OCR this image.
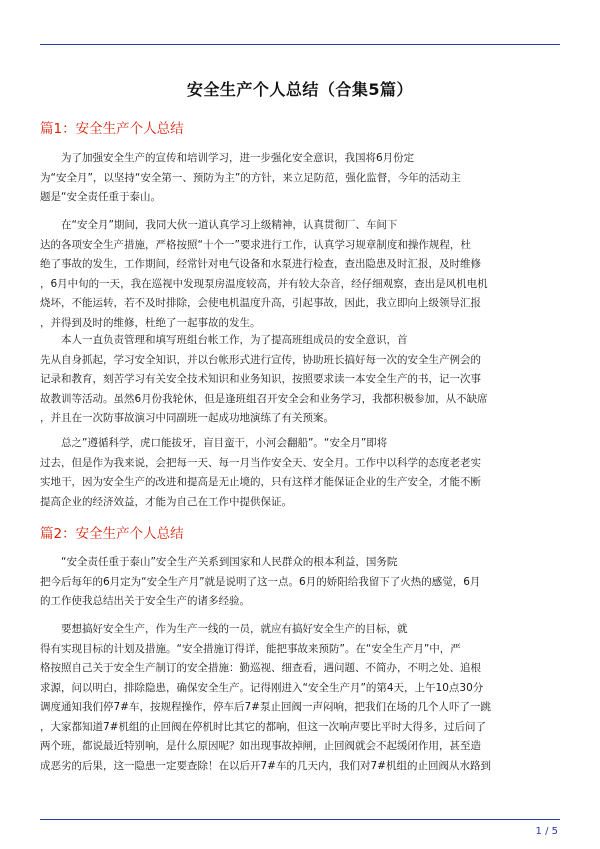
安全生产个人总结（合集5篇）
篇1：安全生产个人总结
为了加强安全生产的宣传和培训学习，进一步强化安全意识，我国将6月份定
为“安全月”，以坚持“安全第一、预防为主”的方针，来立足防范，强化监督，今年的活动主
题是“安全责任重于泰山。
在“安全月”期间，我同大伙一道认真学习上级精神，认真贯彻厂、车间下
达的各项安全生产措施，严格按照“十个一”要求进行工作，认真学习规章制度和操作规程，杜
绝了事故的发生，工作期间，经常针对电气设备和水泵进行检查，查出隐患及时汇报，及时维修
，6月中旬的一天，我在巡视中发现泵房温度较高，并有较大杂音，经仔细观察，查出是风机电机
烧坏，不能运转，若不及时排除，会使电机温度升高，引起事故，因此，我立即向上级领导汇报
，并得到及时的维修，杜绝了一起事故的发生。
本人一直负责管理和填写班组台帐工作，为了提高班组成员的安全意识，首
先从自身抓起，学习安全知识，并以台帐形式进行宣传，协助班长搞好每一次的安全生产例会的
记录和教育，刻苦学习有关安全技术知识和业务知识，按照要求读一本安全生产的书，记一次事
故教训等活动。虽然6月份我轮休，但是逢班组召开安全会和业务学习，我都积极参加，从不缺席
，并且在一次防事故演习中同副班一起成功地演练了有关预案。
总之”遵循科学，虎口能拔牙，盲目蛮干，小河会翻船”。“安全月”即将
过去，但是作为我来说，会把每一天、每一月当作安全天、安全月。工作中以科学的态度老老实
实地干，因为安全生产的改进和提高是无止境的，只有这样才能保证企业的生产安全，才能不断
提高企业的经济效益，才能为自己在工作中提供保证。
篇2：安全生产个人总结
“安全责任重于泰山”安全生产关系到国家和人民群众的根本利益，国务院
把今后每年的6月定为“安全生产月”就是说明了这一点。6月的娇阳给我留下了火热的感觉，6月
的工作使我总结出关于安全生产的诸多经验。
要想搞好安全生产，作为生产一线的一员，就应有搞好安全生产的目标，就
得有实现目标的计划及措施。“安全措施订得详，能把事故来预防”。在“安全生产月”中，严
格按照自己关于安全生产制订的安全措施：勤巡视、细查看，遇问题、不简办，不明之处、追根
求源，问以明白，排除隐患，确保安全生产。记得刚进入“安全生产月”的第4天，上午10点30分
调度通知我们停7#车，按规程操作，停车后7#泵止回阀一声闷响，把我们在场的几个人吓了一跳
，大家都知道7#机组的止回阀在停机时比其它的都响，但这一次响声要比平时大得多，过后问了
两个班，都说最近特别响，是什么原因呢？如出现事故掉闸，止回阀就会不起缓闭作用，甚至造
成恶劣的后果，这一隐患一定要查除！在以后开7#车的几天内，我们对7#机组的止回阀从水路到
1 / 5
